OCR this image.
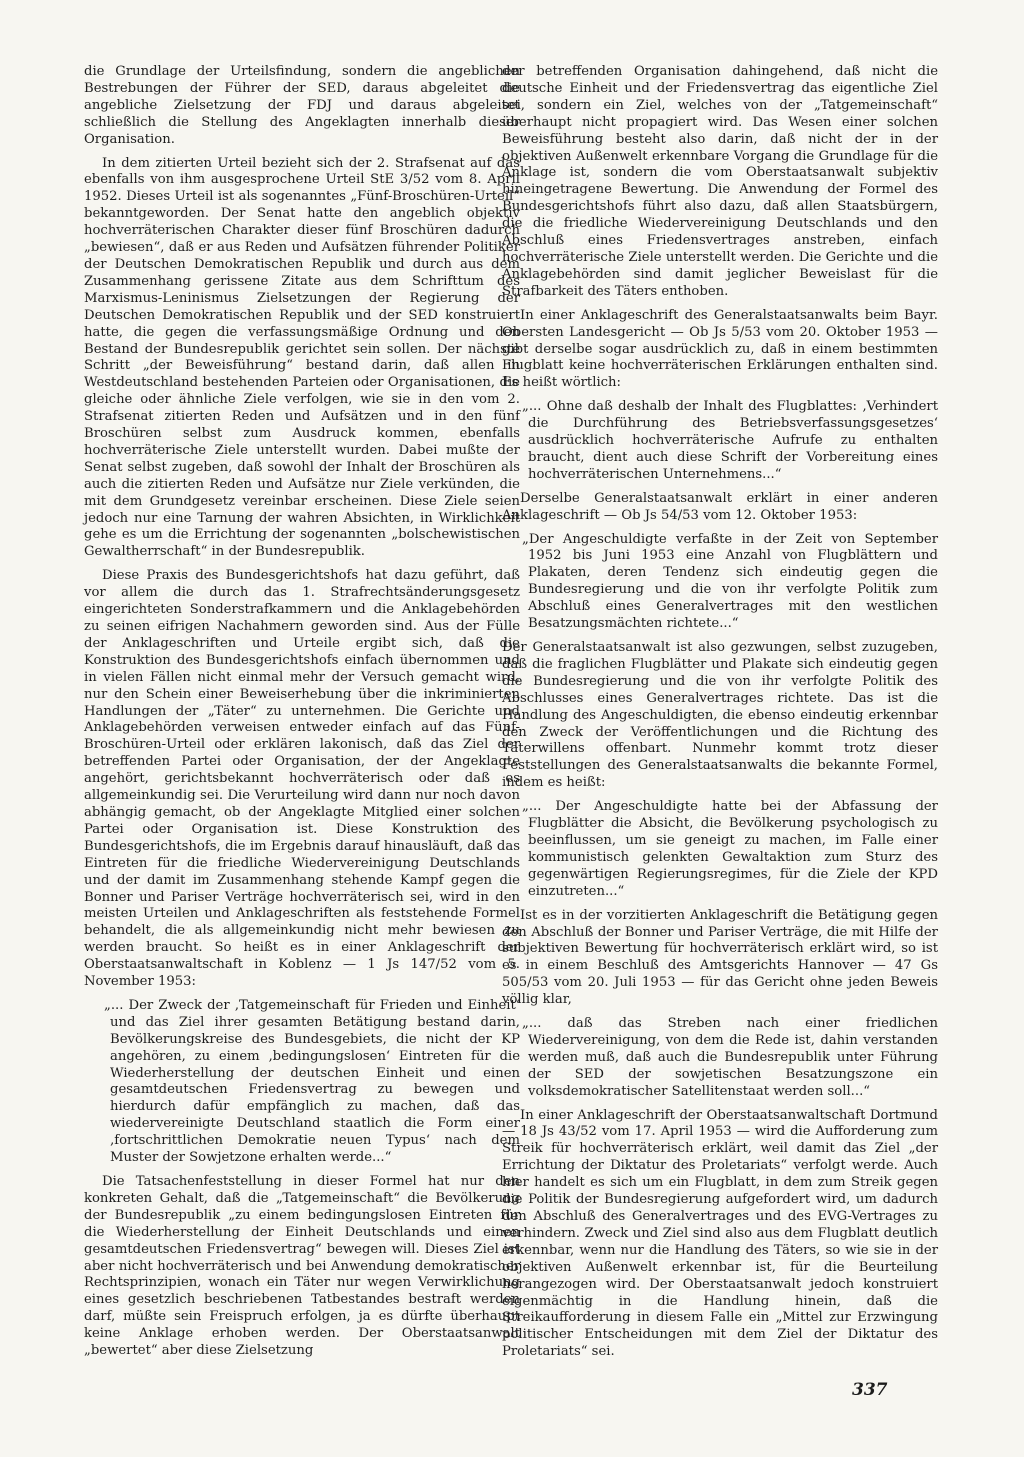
die Grundlage der Urteilsfindung, sondern die angeblichen Bestrebungen der Führer der SED, daraus abgeleitet die angebliche Zielsetzung der FDJ und daraus abgeleitet schließlich die Stellung des Angeklagten innerhalb dieser Organisation.

In dem zitierten Urteil bezieht sich der 2. Strafsenat auf das ebenfalls von ihm ausgesprochene Urteil StE 3/52 vom 8. April 1952. Dieses Urteil ist als sogenanntes „Fünf-Broschüren-Urteil“ bekanntgeworden. Der Senat hatte den angeblich objektiv hochverräterischen Charakter dieser fünf Broschüren dadurch „bewiesen“, daß er aus Reden und Aufsätzen führender Politiker der Deutschen Demokratischen Republik und durch aus dem Zusammenhang gerissene Zitate aus dem Schrifttum des Marxismus-Leninismus Zielsetzungen der Regierung der Deutschen Demokratischen Republik und der SED konstruiert hatte, die gegen die verfassungsmäßige Ordnung und den Bestand der Bundesrepublik gerichtet sein sollen. Der nächste Schritt „der Beweisführung“ bestand darin, daß allen in Westdeutschland bestehenden Parteien oder Organisationen, die gleiche oder ähnliche Ziele verfolgen, wie sie in den vom 2. Strafsenat zitierten Reden und Aufsätzen und in den fünf Broschüren selbst zum Ausdruck kommen, ebenfalls hochverräterische Ziele unterstellt wurden. Dabei mußte der Senat selbst zugeben, daß sowohl der Inhalt der Broschüren als auch die zitierten Reden und Aufsätze nur Ziele verkünden, die mit dem Grundgesetz vereinbar erscheinen. Diese Ziele seien jedoch nur eine Tarnung der wahren Absichten, in Wirklichkeit gehe es um die Errichtung der sogenannten „bolschewistischen Gewaltherrschaft“ in der Bundesrepublik.

Diese Praxis des Bundesgerichtshofs hat dazu geführt, daß vor allem die durch das 1. Strafrechtsänderungsgesetz eingerichteten Sonderstrafkammern und die Anklagebehörden zu seinen eifrigen Nachahmern geworden sind. Aus der Fülle der Anklageschriften und Urteile ergibt sich, daß die Konstruktion des Bundesgerichtshofs einfach übernommen und in vielen Fällen nicht einmal mehr der Versuch gemacht wird, nur den Schein einer Beweiserhebung über die inkriminierten Handlungen der „Täter“ zu unternehmen. Die Gerichte und Anklagebehörden verweisen entweder einfach auf das Fünf-Broschüren-Urteil oder erklären lakonisch, daß das Ziel der betreffenden Partei oder Organisation, der der Angeklagte angehört, gerichtsbekannt hochverräterisch oder daß es allgemeinkundig sei. Die Verurteilung wird dann nur noch davon abhängig gemacht, ob der Angeklagte Mitglied einer solchen Partei oder Organisation ist. Diese Konstruktion des Bundesgerichtshofs, die im Ergebnis darauf hinausläuft, daß das Eintreten für die friedliche Wiedervereinigung Deutschlands und der damit im Zusammenhang stehende Kampf gegen die Bonner und Pariser Verträge hochverräterisch sei, wird in den meisten Urteilen und Anklageschriften als feststehende Formel behandelt, die als allgemeinkundig nicht mehr bewiesen zu werden braucht. So heißt es in einer Anklageschrift der Oberstaatsanwaltschaft in Koblenz — 1 Js 147/52 vom 5. November 1953:

„... Der Zweck der ‚Tatgemeinschaft für Frieden und Einheit‘ und das Ziel ihrer gesamten Betätigung bestand darin, Bevölkerungskreise des Bundesgebiets, die nicht der KP angehören, zu einem ‚bedingungslosen‘ Eintreten für die Wiederherstellung der deutschen Einheit und einen gesamtdeutschen Friedensvertrag zu bewegen und hierdurch dafür empfänglich zu machen, daß das wiedervereinigte Deutschland staatlich die Form einer ‚fortschrittlichen Demokratie neuen Typus‘ nach dem Muster der Sowjetzone erhalten werde...“

Die Tatsachenfeststellung in dieser Formel hat nur den konkreten Gehalt, daß die „Tatgemeinschaft“ die Bevölkerung der Bundesrepublik „zu einem bedingungslosen Eintreten für die Wiederherstellung der Einheit Deutschlands und einen gesamtdeutschen Friedensvertrag“ bewegen will. Dieses Ziel ist aber nicht hochverräterisch und bei Anwendung demokratischer Rechtsprinzipien, wonach ein Täter nur wegen Verwirklichung eines gesetzlich beschriebenen Tatbestandes bestraft werden darf, müßte sein Freispruch erfolgen, ja es dürfte überhaupt keine Anklage erhoben werden. Der Oberstaatsanwalt „bewertet“ aber diese Zielsetzung

der betreffenden Organisation dahingehend, daß nicht die deutsche Einheit und der Friedensvertrag das eigentliche Ziel sei, sondern ein Ziel, welches von der „Tatgemeinschaft“ überhaupt nicht propagiert wird. Das Wesen einer solchen Beweisführung besteht also darin, daß nicht der in der objektiven Außenwelt erkennbare Vorgang die Grundlage für die Anklage ist, sondern die vom Oberstaatsanwalt subjektiv hineingetragene Bewertung. Die Anwendung der Formel des Bundesgerichtshofs führt also dazu, daß allen Staatsbürgern, die die friedliche Wiedervereinigung Deutschlands und den Abschluß eines Friedensvertrages anstreben, einfach hochverräterische Ziele unterstellt werden. Die Gerichte und die Anklagebehörden sind damit jeglicher Beweislast für die Strafbarkeit des Täters enthoben.

In einer Anklageschrift des Generalstaatsanwalts beim Bayr. Obersten Landesgericht — Ob Js 5/53 vom 20. Oktober 1953 — gibt derselbe sogar ausdrücklich zu, daß in einem bestimmten Flugblatt keine hochverräterischen Erklärungen enthalten sind. Es heißt wörtlich:

„... Ohne daß deshalb der Inhalt des Flugblattes: ‚Verhindert die Durchführung des Betriebsverfassungsgesetzes‘ ausdrücklich hochverräterische Aufrufe zu enthalten braucht, dient auch diese Schrift der Vorbereitung eines hochverräterischen Unternehmens...“

Derselbe Generalstaatsanwalt erklärt in einer anderen Anklageschrift — Ob Js 54/53 vom 12. Oktober 1953:

„Der Angeschuldigte verfaßte in der Zeit von September 1952 bis Juni 1953 eine Anzahl von Flugblättern und Plakaten, deren Tendenz sich eindeutig gegen die Bundesregierung und die von ihr verfolgte Politik zum Abschluß eines Generalvertrages mit den westlichen Besatzungsmächten richtete...“

Der Generalstaatsanwalt ist also gezwungen, selbst zuzugeben, daß die fraglichen Flugblätter und Plakate sich eindeutig gegen die Bundesregierung und die von ihr verfolgte Politik des Abschlusses eines Generalvertrages richtete. Das ist die Handlung des Angeschuldigten, die ebenso eindeutig erkennbar den Zweck der Veröffentlichungen und die Richtung des Täterwillens offenbart. Nunmehr kommt trotz dieser Feststellungen des Generalstaatsanwalts die bekannte Formel, indem es heißt:

„... Der Angeschuldigte hatte bei der Abfassung der Flugblätter die Absicht, die Bevölkerung psychologisch zu beeinflussen, um sie geneigt zu machen, im Falle einer kommunistisch gelenkten Gewaltaktion zum Sturz des gegenwärtigen Regierungsregimes, für die Ziele der KPD einzutreten...“

Ist es in der vorzitierten Anklageschrift die Betätigung gegen den Abschluß der Bonner und Pariser Verträge, die mit Hilfe der subjektiven Bewertung für hochverräterisch erklärt wird, so ist es in einem Beschluß des Amtsgerichts Hannover — 47 Gs 505/53 vom 20. Juli 1953 — für das Gericht ohne jeden Beweis völlig klar,

„... daß das Streben nach einer friedlichen Wiedervereinigung, von dem die Rede ist, dahin verstanden werden muß, daß auch die Bundesrepublik unter Führung der SED der sowjetischen Besatzungszone ein volksdemokratischer Satellitenstaat werden soll...“

In einer Anklageschrift der Oberstaatsanwaltschaft Dortmund — 18 Js 43/52 vom 17. April 1953 — wird die Aufforderung zum Streik für hochverräterisch erklärt, weil damit das Ziel „der Errichtung der Diktatur des Proletariats“ verfolgt werde. Auch hier handelt es sich um ein Flugblatt, in dem zum Streik gegen die Politik der Bundesregierung aufgefordert wird, um dadurch den Abschluß des Generalvertrages und des EVG-Vertrages zu verhindern. Zweck und Ziel sind also aus dem Flugblatt deutlich erkennbar, wenn nur die Handlung des Täters, so wie sie in der objektiven Außenwelt erkennbar ist, für die Beurteilung herangezogen wird. Der Oberstaatsanwalt jedoch konstruiert eigenmächtig in die Handlung hinein, daß die Streikaufforderung in diesem Falle ein „Mittel zur Erzwingung politischer Entscheidungen mit dem Ziel der Diktatur des Proletariats“ sei.

337
